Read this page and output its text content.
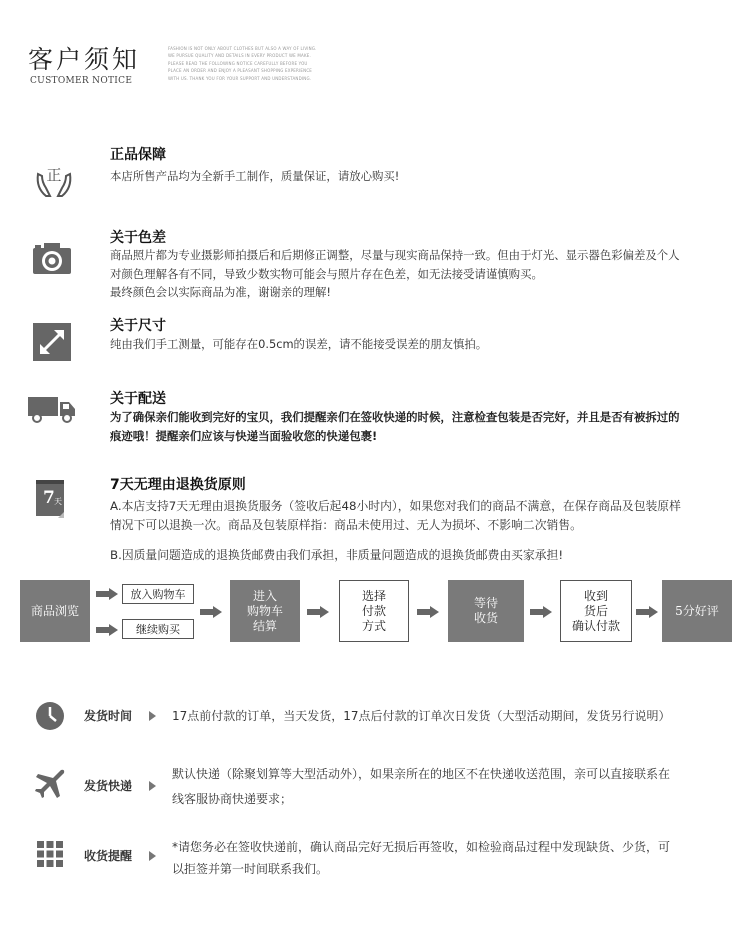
客户须知
CUSTOMER NOTICE
FASHION IS NOT ONLY ABOUT CLOTHES BUT ALSO A WAY OF LIVING. WE PURSUE QUALITY AND DETAILS IN EVERY PRODUCT WE MAKE. PLEASE READ THE FOLLOWING NOTICE CAREFULLY BEFORE YOU PLACE AN ORDER AND ENJOY A PLEASANT SHOPPING EXPERIENCE WITH US. THANK YOU FOR YOUR SUPPORT AND UNDERSTANDING.
正
正品保障
本店所售产品均为全新手工制作，质量保证，请放心购买!
关于色差
商品照片都为专业摄影师拍摄后和后期修正调整，尽量与现实商品保持一致。但由于灯光、显示器色彩偏差及个人
对颜色理解各有不同，导致少数实物可能会与照片存在色差，如无法接受请谨慎购买。
最终颜色会以实际商品为准，谢谢亲的理解!
关于尺寸
纯由我们手工测量，可能存在0.5cm的误差，请不能接受误差的朋友慎拍。
关于配送
为了确保亲们能收到完好的宝贝，我们提醒亲们在签收快递的时候，注意检查包装是否完好，并且是否有被拆过的
痕迹哦！提醒亲们应该与快递当面验收您的快递包裹!
7 天
7天无理由退换货原则
A.本店支持7天无理由退换货服务（签收后起48小时内），如果您对我们的商品不满意，在保存商品及包装原样
情况下可以退换一次。商品及包装原样指：商品未使用过、无人为损坏、不影响二次销售。
B.因质量问题造成的退换货邮费由我们承担，非质量问题造成的退换货邮费由买家承担!
商品浏览
放入购物车
继续购买
进入
购物车
结算
选择
付款
方式
等待
收货
收到
货后
确认付款
5分好评
发货时间	17点前付款的订单，当天发货，17点后付款的订单次日发货（大型活动期间，发货另行说明）
发货快递
默认快递（除聚划算等大型活动外），如果亲所在的地区不在快递收送范围，亲可以直接联系在
线客服协商快递要求；
收货提醒
*请您务必在签收快递前，确认商品完好无损后再签收，如检验商品过程中发现缺货、少货，可
以拒签并第一时间联系我们。
